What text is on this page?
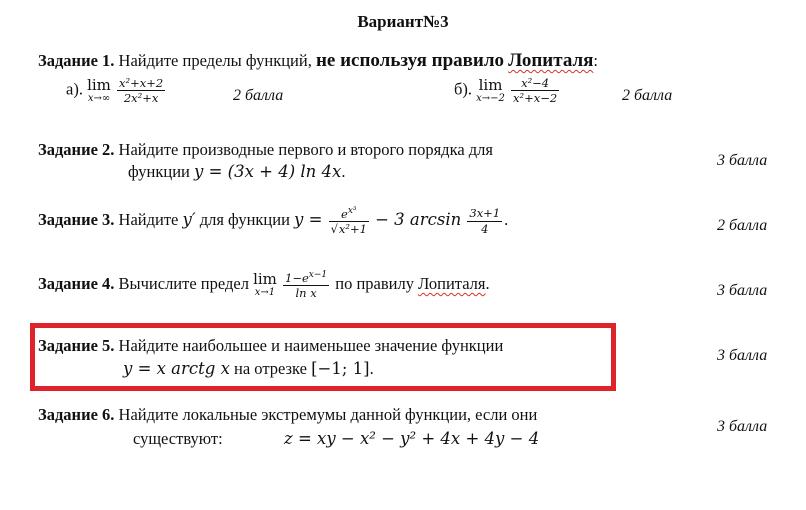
Вариант№3
Задание 1. Найдите пределы функций, не используя правило Лопиталя:
а). lim
x→∞
$\frac{\text{x²+x+2}}{\text{2x²+x}}$	2 балла	б). lim
x→−2
$\frac{\text{x²−4}}{\text{x²+x−2}}$	2 балла
Задание 2. Найдите производные первого и второго порядка для
функции y = (3x + 4) ln 4x.
3 балла
Задание 3. Найдите y′ для функции $y = \frac{e^{x^3}}{\text{√x²+1}} - 3$ $\arcsin \frac{3x+1}{4}$ .	2 балла
Задание 4. Вычислите предел lim
x→1
$\frac{1-e^{x-1}}{\text{ln x}}$ по правилу Лопиталя.	3 балла
Задание 5. Найдите наибольшее и наименьшее значение функции
y = x arctg x на отрезке [−1; 1].
3 балла
Задание 6. Найдите локальные экстремумы данной функции, если они
существуют:	z = xy − x² − y² + 4x + 4y − 4
3 балла
